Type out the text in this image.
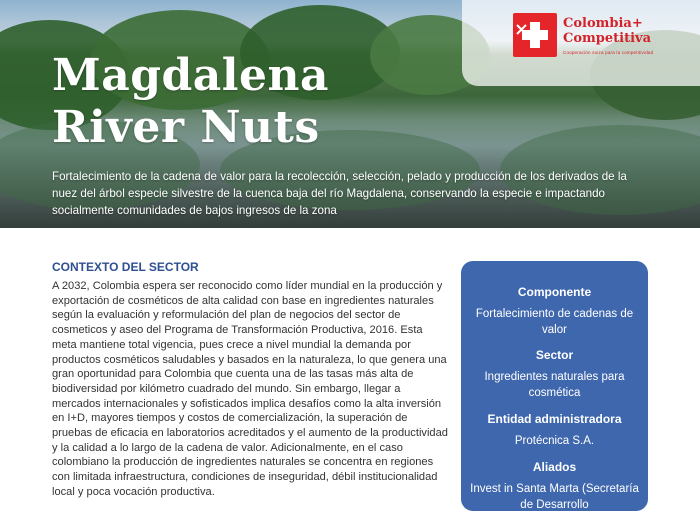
Magdalena
River Nuts

Fortalecimiento de la cadena de valor para la recolección, selección, pelado y producción de los derivados de la nuez del árbol especie silvestre de la cuenca baja del río Magdalena, conservando la especie e impactando socialmente comunidades de bajos ingresos de la zona

Colombia+
Competitiva
Cooperación suiza para la competitividad
CONTEXTO DEL SECTOR

A 2032, Colombia espera ser reconocido como líder mundial en la producción y exportación de cosméticos de alta calidad con base en ingredientes naturales según la evaluación y reformulación del plan de negocios del sector de cosmeticos y aseo del Programa de Transformación Productiva, 2016. Esta meta mantiene total vigencia, pues crece a nivel mundial la demanda por productos cosméticos saludables y basados en la naturaleza, lo que genera una gran oportunidad para Colombia que cuenta una de las tasas más alta de biodiversidad por kilómetro cuadrado del mundo. Sin embargo, llegar a mercados internacionales y sofisticados implica desafíos como la alta inversión en I+D, mayores tiempos y costos de comercialización, la superación de pruebas de eficacia en laboratorios acreditados y el aumento de la productividad y la calidad a lo largo de la cadena de valor. Adicionalmente, en el caso colombiano la producción de ingredientes naturales se concentra en regiones con limitada infraestructura, condiciones de inseguridad, débil institucionalidad local y poca vocación productiva.

Componente
Fortalecimiento de cadenas de valor
Sector
Ingredientes naturales para cosmética
Entidad administradora
Protécnica S.A.
Aliados
Invest in Santa Marta (Secretaría de Desarrollo
